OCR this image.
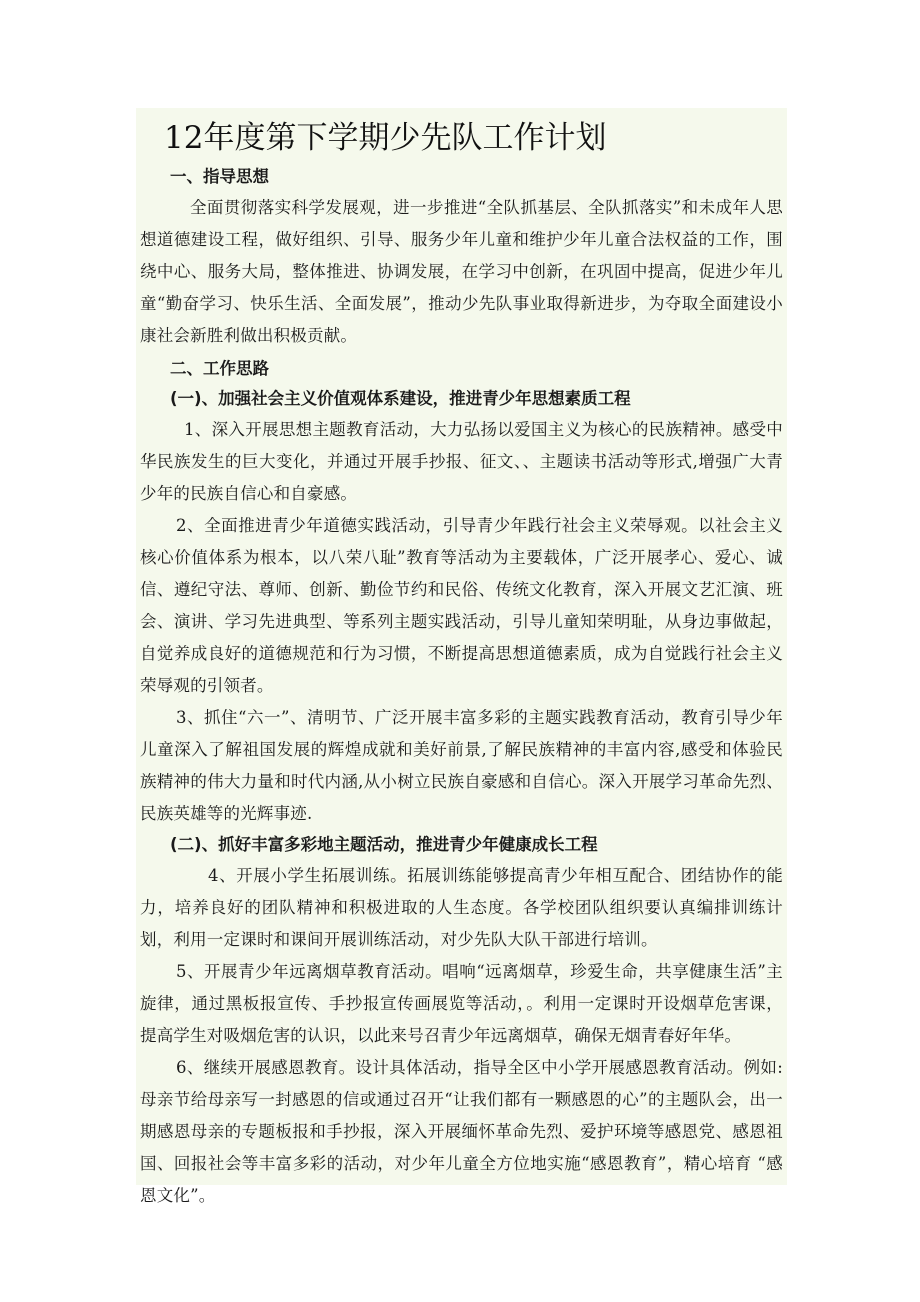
12年度第下学期少先队工作计划
一、指导思想

全面贯彻落实科学发展观，进一步推进“全队抓基层、全队抓落实”和未成年人思想道德建设工程，做好组织、引导、服务少年儿童和维护少年儿童合法权益的工作，围绕中心、服务大局，整体推进、协调发展，在学习中创新，在巩固中提高，促进少年儿童“勤奋学习、快乐生活、全面发展”，推动少先队事业取得新进步，为夺取全面建设小康社会新胜利做出积极贡献。

二、工作思路
(一)、加强社会主义价值观体系建设，推进青少年思想素质工程

1、深入开展思想主题教育活动，大力弘扬以爱国主义为核心的民族精神。感受中华民族发生的巨大变化，并通过开展手抄报、征文、、主题读书活动等形式,增强广大青少年的民族自信心和自豪感。

2、全面推进青少年道德实践活动，引导青少年践行社会主义荣辱观。以社会主义核心价值体系为根本，以八荣八耻”教育等活动为主要载体，广泛开展孝心、爱心、诚信、遵纪守法、尊师、创新、勤俭节约和民俗、传统文化教育，深入开展文艺汇演、班会、演讲、学习先进典型、等系列主题实践活动，引导儿童知荣明耻，从身边事做起，自觉养成良好的道德规范和行为习惯，不断提高思想道德素质，成为自觉践行社会主义荣辱观的引领者。

3、抓住“六一”、清明节、广泛开展丰富多彩的主题实践教育活动，教育引导少年儿童深入了解祖国发展的辉煌成就和美好前景,了解民族精神的丰富内容,感受和体验民族精神的伟大力量和时代内涵,从小树立民族自豪感和自信心。深入开展学习革命先烈、民族英雄等的光辉事迹.

(二)、抓好丰富多彩地主题活动，推进青少年健康成长工程

4、开展小学生拓展训练。拓展训练能够提高青少年相互配合、团结协作的能力，培养良好的团队精神和积极进取的人生态度。各学校团队组织要认真编排训练计划，利用一定课时和课间开展训练活动，对少先队大队干部进行培训。

5、开展青少年远离烟草教育活动。唱响“远离烟草，珍爱生命，共享健康生活”主旋律，通过黑板报宣传、手抄报宣传画展览等活动，。利用一定课时开设烟草危害课，提高学生对吸烟危害的认识，以此来号召青少年远离烟草，确保无烟青春好年华。

6、继续开展感恩教育。设计具体活动，指导全区中小学开展感恩教育活动。例如:母亲节给母亲写一封感恩的信或通过召开“让我们都有一颗感恩的心”的主题队会，出一期感恩母亲的专题板报和手抄报，深入开展缅怀革命先烈、爱护环境等感恩党、感恩祖国、回报社会等丰富多彩的活动，对少年儿童全方位地实施“感恩教育”，精心培育 “感恩文化”。
